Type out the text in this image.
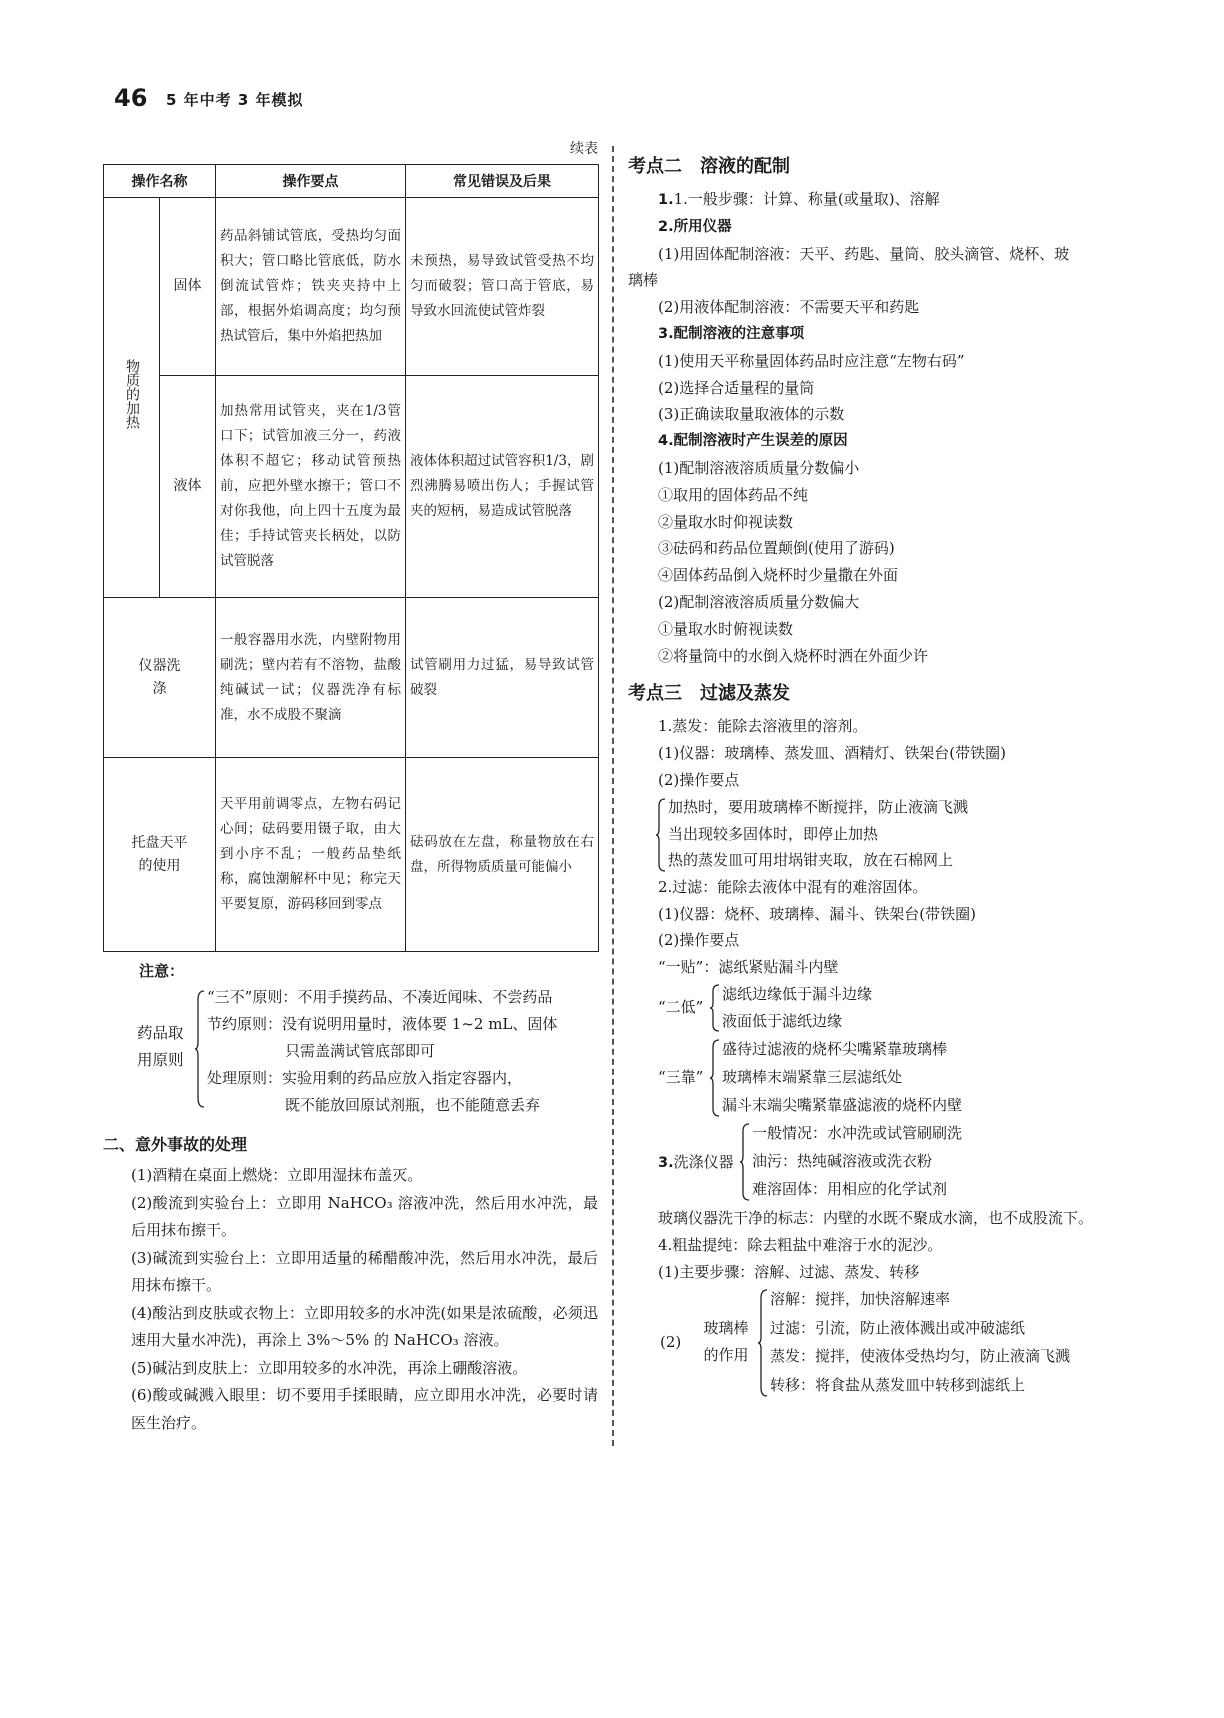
46 5 年中考 3 年模拟
续表
操作名称		操作要点	常见错误及后果
物质的加热	固体	药品斜铺试管底，受热均匀面积大；管口略比管底低，防水倒流试管炸；铁夹夹持中上部，根据外焰调高度；均匀预热试管后，集中外焰把热加	未预热，易导致试管受热不均匀而破裂；管口高于管底，易导致水回流使试管炸裂
	液体	加热常用试管夹，夹在1/3管口下；试管加液三分一，药液体积不超它；移动试管预热前，应把外壁水擦干；管口不对你我他，向上四十五度为最佳；手持试管夹长柄处，以防试管脱落	液体体积超过试管容积1/3，剧烈沸腾易喷出伤人；手握试管夹的短柄，易造成试管脱落

仪器洗涤		一般容器用水洗，内壁附物用刷洗；壁内若有不溶物，盐酸纯碱试一试；仪器洗净有标准，水不成股不聚滴	试管刷用力过猛，易导致试管破裂

托盘天平的使用		天平用前调零点，左物右码记心间；砝码要用镊子取，由大到小序不乱；一般药品垫纸称，腐蚀潮解杯中见；称完天平要复原，游码移回到零点	砝码放在左盘，称量物放在右盘，所得物质质量可能偏小
注意：
药品取用原则
“三不”原则：不用手摸药品、不凑近闻味、不尝药品
节约原则：没有说明用量时，液体要 1~2 mL、固体
只需盖满试管底部即可
处理原则：实验用剩的药品应放入指定容器内，
既不能放回原试剂瓶，也不能随意丢弃
二、意外事故的处理
(1)酒精在桌面上燃烧：立即用湿抹布盖灭。
(2)酸流到实验台上：立即用 NaHCO₃ 溶液冲洗，然后用水冲洗，最后用抹布擦干。
(3)碱流到实验台上：立即用适量的稀醋酸冲洗，然后用水冲洗，最后用抹布擦干。
(4)酸沾到皮肤或衣物上：立即用较多的水冲洗(如果是浓硫酸，必须迅速用大量水冲洗)，再涂上 3%～5% 的 NaHCO₃ 溶液。
(5)碱沾到皮肤上：立即用较多的水冲洗，再涂上硼酸溶液。
(6)酸或碱溅入眼里：切不要用手揉眼睛，应立即用水冲洗，必要时请医生治疗。
考点二 溶液的配制
1.1.一般步骤：计算、称量(或量取)、溶解
2.所用仪器
(1)用固体配制溶液：天平、药匙、量筒、胶头滴管、烧杯、玻
璃棒
(2)用液体配制溶液：不需要天平和药匙
3.配制溶液的注意事项
(1)使用天平称量固体药品时应注意“左物右码”
(2)选择合适量程的量筒
(3)正确读取量取液体的示数
4.配制溶液时产生误差的原因
(1)配制溶液溶质质量分数偏小
①取用的固体药品不纯
②量取水时仰视读数
③砝码和药品位置颠倒(使用了游码)
④固体药品倒入烧杯时少量撒在外面
(2)配制溶液溶质质量分数偏大
①量取水时俯视读数
②将量筒中的水倒入烧杯时洒在外面少许
考点三 过滤及蒸发
1.蒸发：能除去溶液里的溶剂。
(1)仪器：玻璃棒、蒸发皿、酒精灯、铁架台(带铁圈)
(2)操作要点
加热时，要用玻璃棒不断搅拌，防止液滴飞溅
当出现较多固体时，即停止加热
热的蒸发皿可用坩埚钳夹取，放在石棉网上
2.过滤：能除去液体中混有的难溶固体。
(1)仪器：烧杯、玻璃棒、漏斗、铁架台(带铁圈)
(2)操作要点
“一贴”：滤纸紧贴漏斗内壁
“二低”
滤纸边缘低于漏斗边缘
液面低于滤纸边缘
“三靠”
盛待过滤液的烧杯尖嘴紧靠玻璃棒
玻璃棒末端紧靠三层滤纸处
漏斗末端尖嘴紧靠盛滤液的烧杯内壁
3.洗涤仪器
一般情况：水冲洗或试管刷刷洗
油污：热纯碱溶液或洗衣粉
难溶固体：用相应的化学试剂
玻璃仪器洗干净的标志：内壁的水既不聚成水滴，也不成股流下。
4.粗盐提纯：除去粗盐中难溶于水的泥沙。
(1)主要步骤：溶解、过滤、蒸发、转移
(2)
玻璃棒的作用
溶解：搅拌，加快溶解速率
过滤：引流，防止液体溅出或冲破滤纸
蒸发：搅拌，使液体受热均匀，防止液滴飞溅
转移：将食盐从蒸发皿中转移到滤纸上
